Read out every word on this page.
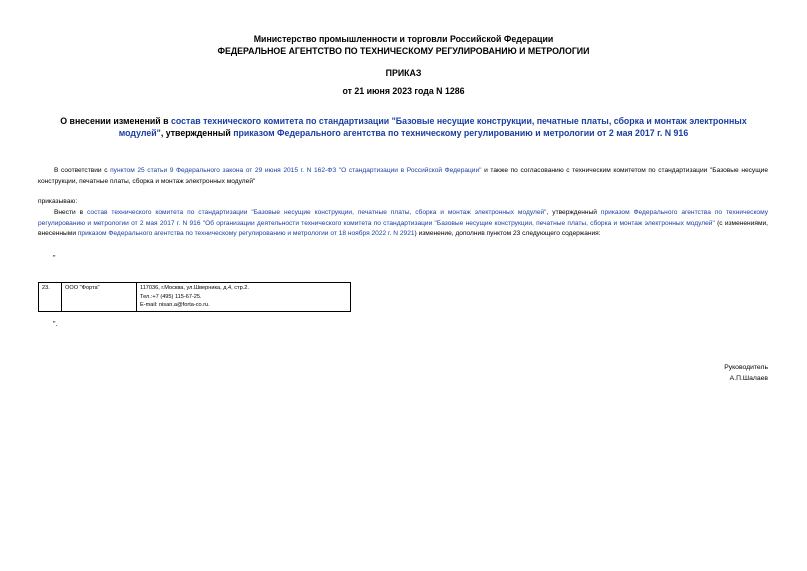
Министерство промышленности и торговли Российской Федерации
ФЕДЕРАЛЬНОЕ АГЕНТСТВО ПО ТЕХНИЧЕСКОМУ РЕГУЛИРОВАНИЮ И МЕТРОЛОГИИ
ПРИКАЗ
от 21 июня 2023 года N 1286
О внесении изменений в состав технического комитета по стандартизации "Базовые несущие конструкции, печатные платы, сборка и монтаж электронных модулей", утвержденный приказом Федерального агентства по техническому регулированию и метрологии от 2 мая 2017 г. N 916
В соответствии с пунктом 25 статьи 9 Федерального закона от 29 июня 2015 г. N 162-ФЗ "О стандартизации в Российской Федерации" и также по согласованию с техническим комитетом по стандартизации "Базовые несущие конструкции, печатные платы, сборка и монтаж электронных модулей"
приказываю:
Внести в состав технического комитета по стандартизации "Базовые несущие конструкции, печатные платы, сборка и монтаж электронных модулей", утвержденный приказом Федерального агентства по техническому регулированию и метрологии от 2 мая 2017 г. N 916 "Об организации деятельности технического комитета по стандартизации "Базовые несущие конструкции, печатные платы, сборка и монтаж электронных модулей" (с изменениями, внесенными приказом Федерального агентства по техническому регулированию и метрологии от 18 ноября 2022 г. N 2921) изменение, дополнив пунктом 23 следующего содержания:
"
23.	ООО "Форта"	117036, г.Москва, ул.Шверника, д.4, стр.2.
Тел.:+7 (495) 115-67-25.
E-mail: nisan.a@forta-co.ru.
".
Руководитель
А.П.Шалаев
